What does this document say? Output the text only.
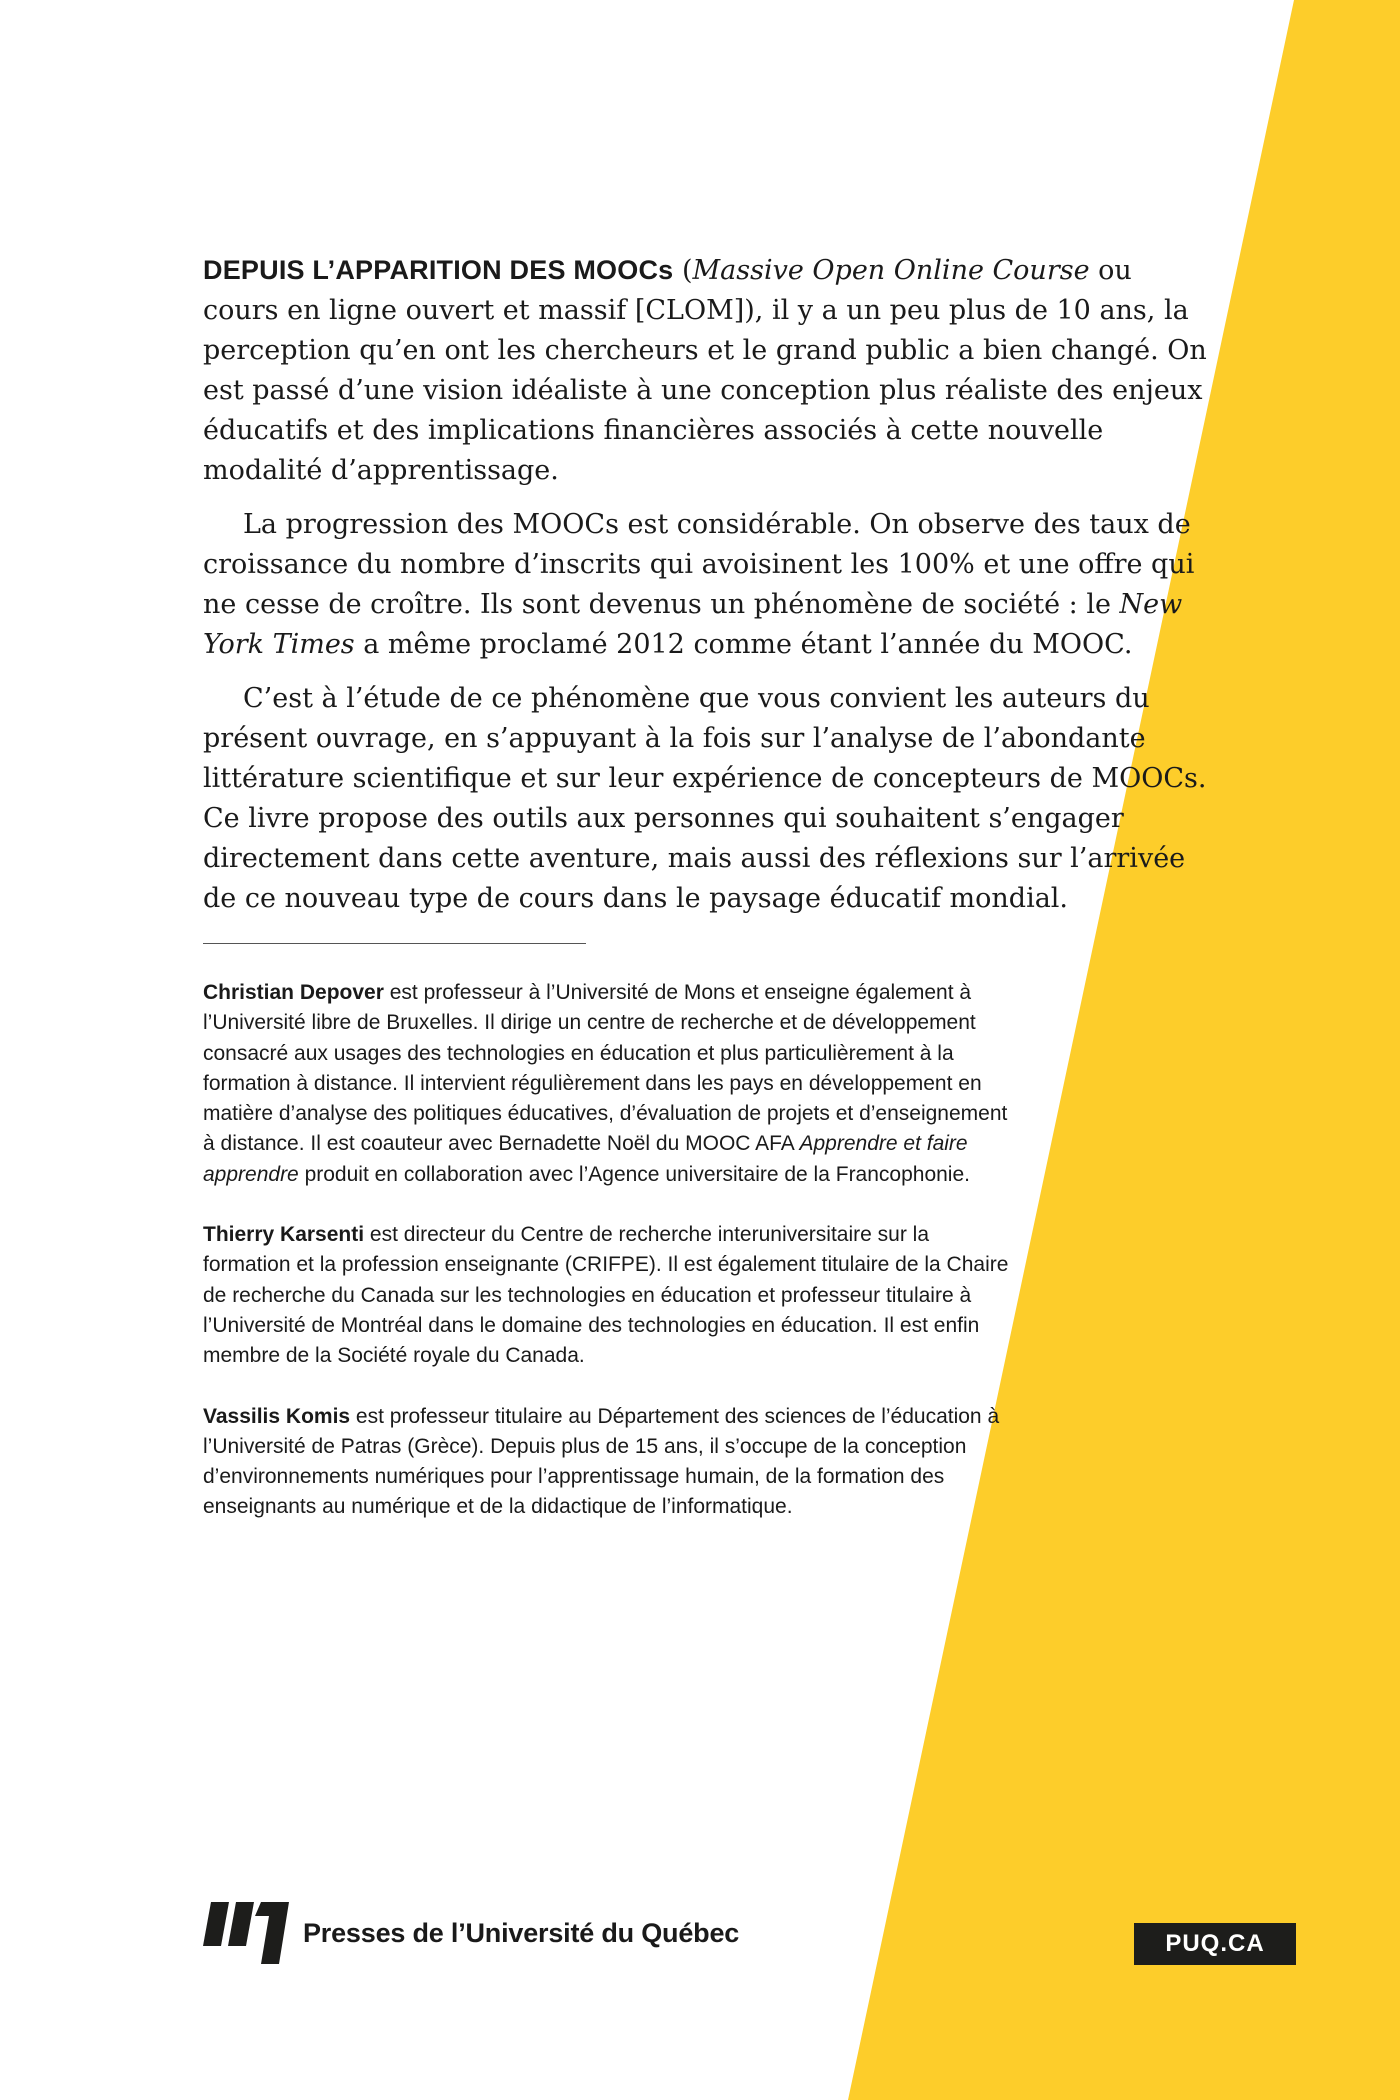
DEPUIS L’APPARITION DES MOOCs (Massive Open Online Course ou cours en ligne ouvert et massif [CLOM]), il y a un peu plus de 10 ans, la perception qu’en ont les chercheurs et le grand public a bien changé. On est passé d’une vision idéaliste à une conception plus réaliste des enjeux éducatifs et des implications financières associés à cette nouvelle modalité d’apprentissage.

La progression des MOOCs est considérable. On observe des taux de croissance du nombre d’inscrits qui avoisinent les 100% et une offre qui ne cesse de croître. Ils sont devenus un phénomène de société : le New York Times a même proclamé 2012 comme étant l’année du MOOC.

C’est à l’étude de ce phénomène que vous convient les auteurs du présent ouvrage, en s’appuyant à la fois sur l’analyse de l’abondante littérature scientifique et sur leur expérience de concepteurs de MOOCs. Ce livre propose des outils aux personnes qui souhaitent s’engager directement dans cette aventure, mais aussi des réflexions sur l’arrivée de ce nouveau type de cours dans le paysage éducatif mondial.

Christian Depover est professeur à l’Université de Mons et enseigne également à l’Université libre de Bruxelles. Il dirige un centre de recherche et de développement consacré aux usages des technologies en éducation et plus particulièrement à la formation à distance. Il intervient régulièrement dans les pays en développement en matière d’analyse des politiques éducatives, d’évaluation de projets et d’enseignement à distance. Il est coauteur avec Bernadette Noël du MOOC AFA Apprendre et faire apprendre produit en collaboration avec l’Agence universitaire de la Francophonie.

Thierry Karsenti est directeur du Centre de recherche interuniversitaire sur la formation et la profession enseignante (CRIFPE). Il est également titulaire de la Chaire de recherche du Canada sur les technologies en éducation et professeur titulaire à l’Université de Montréal dans le domaine des technologies en éducation. Il est enfin membre de la Société royale du Canada.

Vassilis Komis est professeur titulaire au Département des sciences de l’éducation à l’Université de Patras (Grèce). Depuis plus de 15 ans, il s’occupe de la conception d’environnements numériques pour l’apprentissage humain, de la formation des enseignants au numérique et de la didactique de l’informatique.

Presses de l’Université du Québec	PUQ.CA
